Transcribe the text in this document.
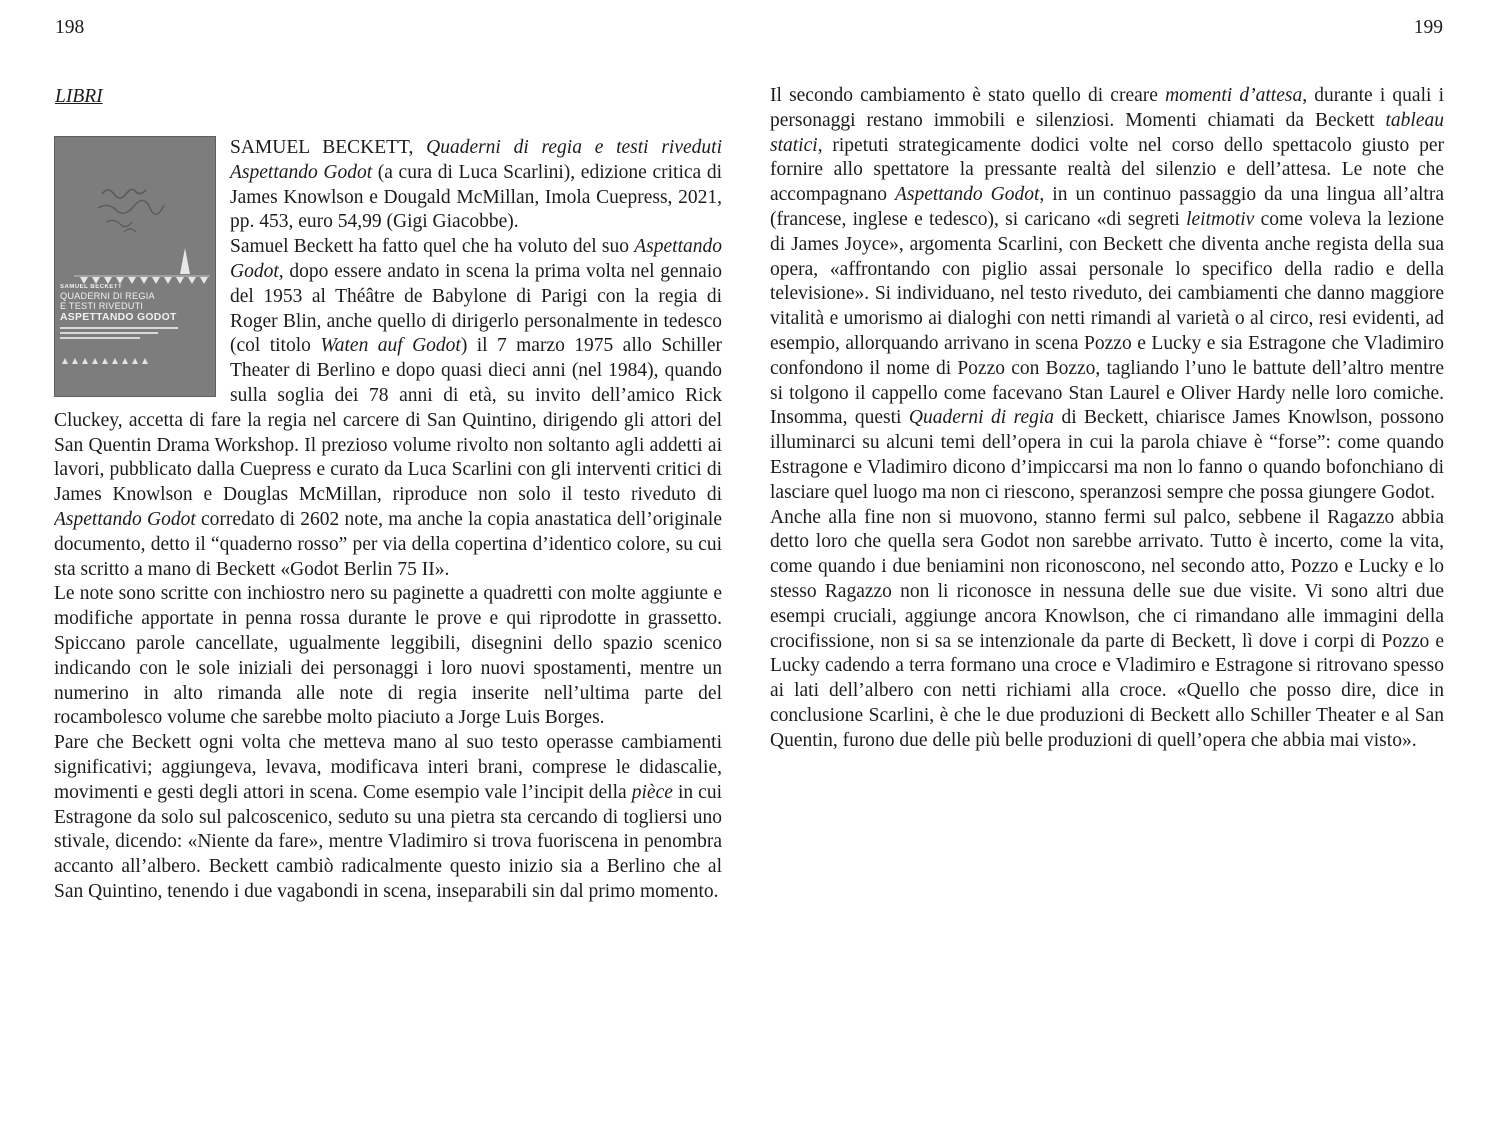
198	199
LIBRI
SAMUEL BECKETT
QUADERNI DI REGIA
E TESTI RIVEDUTI
ASPETTANDO GODOT

SAMUEL BECKETT, Quaderni di regia e testi riveduti Aspettando Godot (a cura di Luca Scarlini), edizione critica di James Knowlson e Dougald McMillan, Imola Cuepress, 2021, pp. 453, euro 54,99 (Gigi Giacobbe).

Samuel Beckett ha fatto quel che ha voluto del suo Aspettando Godot, dopo essere andato in scena la prima volta nel gennaio del 1953 al Théâtre de Babylone di Parigi con la regia di Roger Blin, anche quello di dirigerlo personalmente in tedesco (col titolo Waten auf Godot) il 7 marzo 1975 allo Schiller Theater di Berlino e dopo quasi dieci anni (nel 1984), quando sulla soglia dei 78 anni di età, su invito dell’amico Rick Cluckey, accetta di fare la regia nel carcere di San Quintino, dirigendo gli attori del San Quentin Drama Workshop. Il prezioso volume rivolto non soltanto agli addetti ai lavori, pubblicato dalla Cuepress e curato da Luca Scarlini con gli interventi critici di James Knowlson e Douglas McMillan, riproduce non solo il testo riveduto di Aspettando Godot corredato di 2602 note, ma anche la copia anastatica dell’originale documento, detto il “quaderno rosso” per via della copertina d’identico colore, su cui sta scritto a mano di Beckett «Godot Berlin 75 II».

Le note sono scritte con inchiostro nero su paginette a quadretti con molte aggiunte e modifiche apportate in penna rossa durante le prove e qui riprodotte in grassetto. Spiccano parole cancellate, ugualmente leggibili, disegnini dello spazio scenico indicando con le sole iniziali dei personaggi i loro nuovi spostamenti, mentre un numerino in alto rimanda alle note di regia inserite nell’ultima parte del rocambolesco volume che sarebbe molto piaciuto a Jorge Luis Borges.

Pare che Beckett ogni volta che metteva mano al suo testo operasse cambiamenti significativi; aggiungeva, levava, modificava interi brani, comprese le didascalie, movimenti e gesti degli attori in scena. Come esempio vale l’incipit della pièce in cui Estragone da solo sul palcoscenico, seduto su una pietra sta cercando di togliersi uno stivale, dicendo: «Niente da fare», mentre Vladimiro si trova fuoriscena in penombra accanto all’albero. Beckett cambiò radicalmente questo inizio sia a Berlino che al San Quintino, tenendo i due vagabondi in scena, inseparabili sin dal primo momento.

Il secondo cambiamento è stato quello di creare momenti d’attesa, durante i quali i personaggi restano immobili e silenziosi. Momenti chiamati da Beckett tableau statici, ripetuti strategicamente dodici volte nel corso dello spettacolo giusto per fornire allo spettatore la pressante realtà del silenzio e dell’attesa. Le note che accompagnano Aspettando Godot, in un continuo passaggio da una lingua all’altra (francese, inglese e tedesco), si caricano «di segreti leitmotiv come voleva la lezione di James Joyce», argomenta Scarlini, con Beckett che diventa anche regista della sua opera, «affrontando con piglio assai personale lo specifico della radio e della televisione». Si individuano, nel testo riveduto, dei cambiamenti che danno maggiore vitalità e umorismo ai dialoghi con netti rimandi al varietà o al circo, resi evidenti, ad esempio, allorquando arrivano in scena Pozzo e Lucky e sia Estragone che Vladimiro confondono il nome di Pozzo con Bozzo, tagliando l’uno le battute dell’altro mentre si tolgono il cappello come facevano Stan Laurel e Oliver Hardy nelle loro comiche. Insomma, questi Quaderni di regia di Beckett, chiarisce James Knowlson, possono illuminarci su alcuni temi dell’opera in cui la parola chiave è “forse”: come quando Estragone e Vladimiro dicono d’impiccarsi ma non lo fanno o quando bofonchiano di lasciare quel luogo ma non ci riescono, speranzosi sempre che possa giungere Godot.

Anche alla fine non si muovono, stanno fermi sul palco, sebbene il Ragazzo abbia detto loro che quella sera Godot non sarebbe arrivato. Tutto è incerto, come la vita, come quando i due beniamini non riconoscono, nel secondo atto, Pozzo e Lucky e lo stesso Ragazzo non li riconosce in nessuna delle sue due visite. Vi sono altri due esempi cruciali, aggiunge ancora Knowlson, che ci rimandano alle immagini della crocifissione, non si sa se intenzionale da parte di Beckett, lì dove i corpi di Pozzo e Lucky cadendo a terra formano una croce e Vladimiro e Estragone si ritrovano spesso ai lati dell’albero con netti richiami alla croce. «Quello che posso dire, dice in conclusione Scarlini, è che le due produzioni di Beckett allo Schiller Theater e al San Quentin, furono due delle più belle produzioni di quell’opera che abbia mai visto».
